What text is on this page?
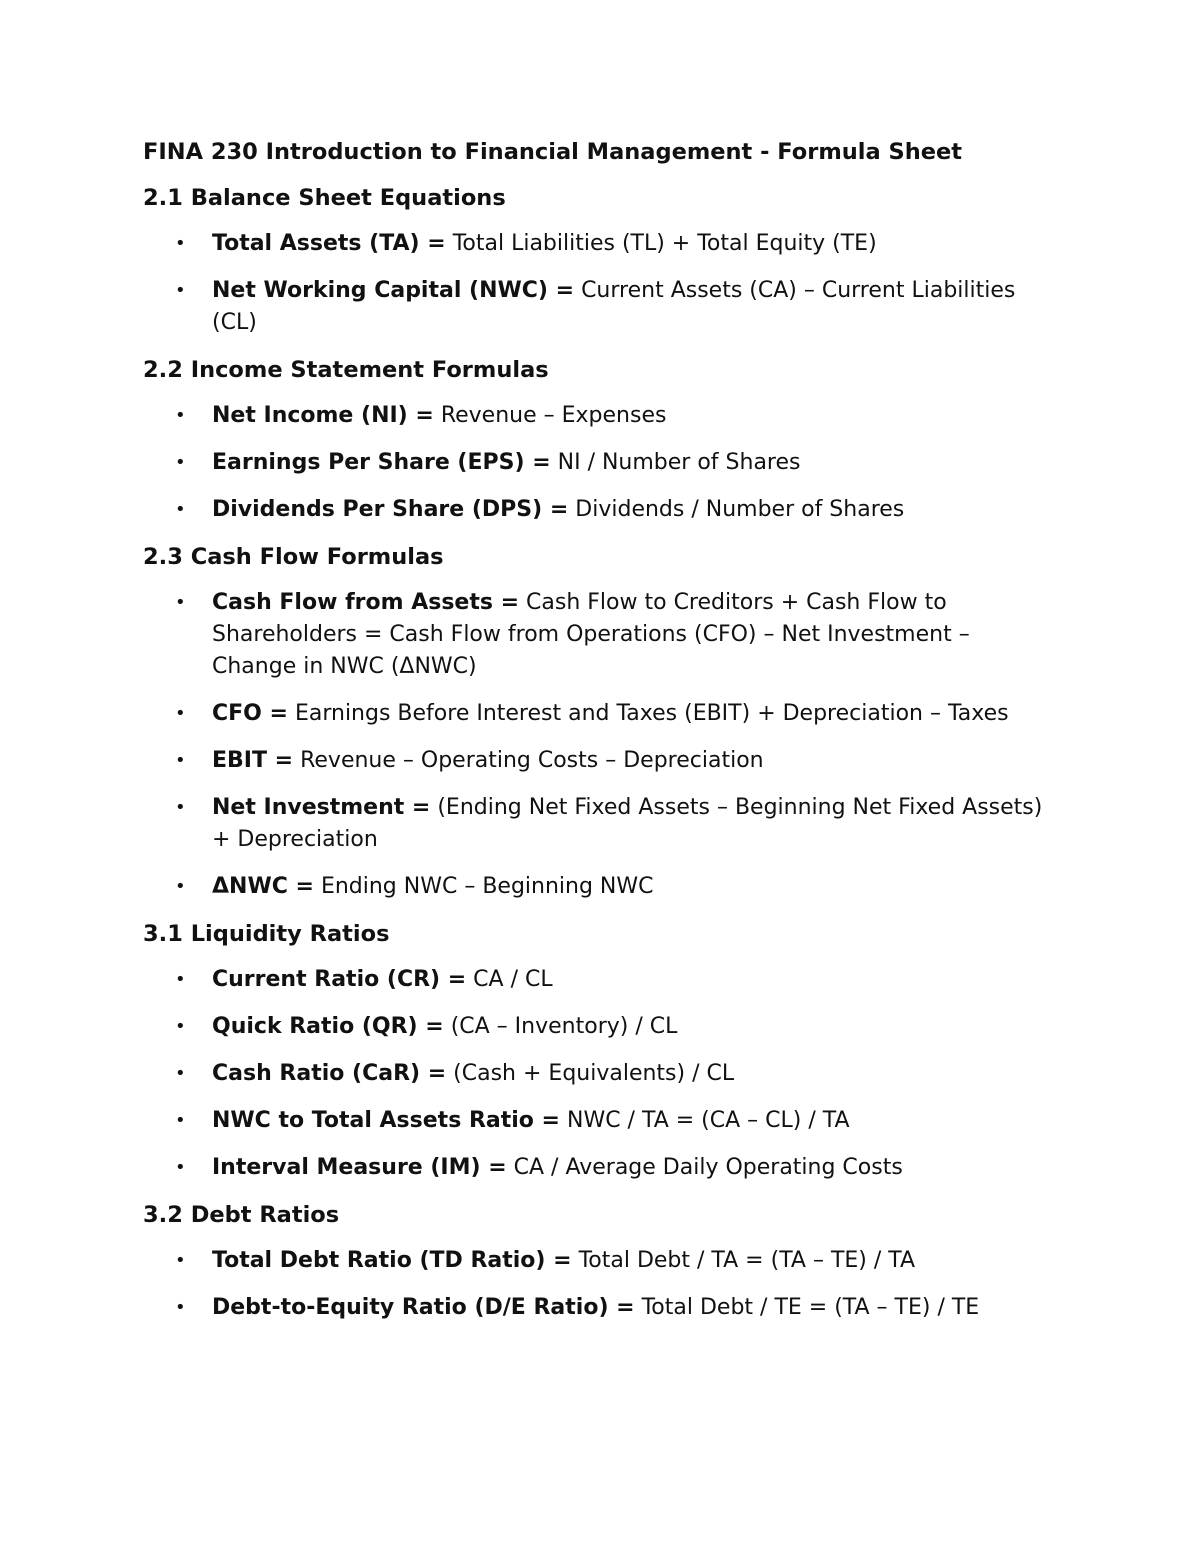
FINA 230 Introduction to Financial Management - Formula Sheet
2.1 Balance Sheet Equations
• Total Assets (TA) = Total Liabilities (TL) + Total Equity (TE)
• Net Working Capital (NWC) = Current Assets (CA) – Current Liabilities (CL)
2.2 Income Statement Formulas
• Net Income (NI) = Revenue – Expenses
• Earnings Per Share (EPS) = NI / Number of Shares
• Dividends Per Share (DPS) = Dividends / Number of Shares
2.3 Cash Flow Formulas
• Cash Flow from Assets = Cash Flow to Creditors + Cash Flow to Shareholders = Cash Flow from Operations (CFO) – Net Investment – Change in NWC (ΔNWC)
• CFO = Earnings Before Interest and Taxes (EBIT) + Depreciation – Taxes
• EBIT = Revenue – Operating Costs – Depreciation
• Net Investment = (Ending Net Fixed Assets – Beginning Net Fixed Assets) + Depreciation
• ΔNWC = Ending NWC – Beginning NWC
3.1 Liquidity Ratios
• Current Ratio (CR) = CA / CL
• Quick Ratio (QR) = (CA – Inventory) / CL
• Cash Ratio (CaR) = (Cash + Equivalents) / CL
• NWC to Total Assets Ratio = NWC / TA = (CA – CL) / TA
• Interval Measure (IM) = CA / Average Daily Operating Costs
3.2 Debt Ratios
• Total Debt Ratio (TD Ratio) = Total Debt / TA = (TA – TE) / TA
• Debt-to-Equity Ratio (D/E Ratio) = Total Debt / TE = (TA – TE) / TE
